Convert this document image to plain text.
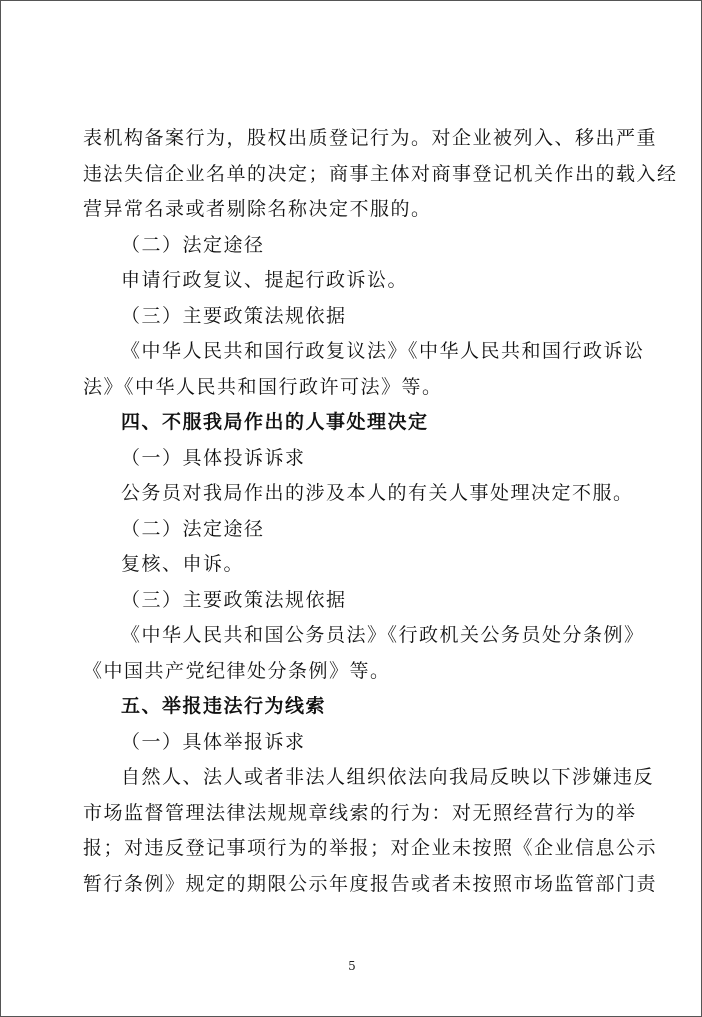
表机构备案行为，股权出质登记行为。对企业被列入、移出严重
违法失信企业名单的决定；商事主体对商事登记机关作出的载入经
营异常名录或者剔除名称决定不服的。
（二）法定途径
申请行政复议、提起行政诉讼。
（三）主要政策法规依据
《中华人民共和国行政复议法》《中华人民共和国行政诉讼
法》《中华人民共和国行政许可法》等。
四、不服我局作出的人事处理决定
（一）具体投诉诉求
公务员对我局作出的涉及本人的有关人事处理决定不服。
（二）法定途径
复核、申诉。
（三）主要政策法规依据
《中华人民共和国公务员法》《行政机关公务员处分条例》
《中国共产党纪律处分条例》等。
五、举报违法行为线索
（一）具体举报诉求
自然人、法人或者非法人组织依法向我局反映以下涉嫌违反
市场监督管理法律法规规章线索的行为：对无照经营行为的举
报；对违反登记事项行为的举报；对企业未按照《企业信息公示
暂行条例》规定的期限公示年度报告或者未按照市场监管部门责
5
